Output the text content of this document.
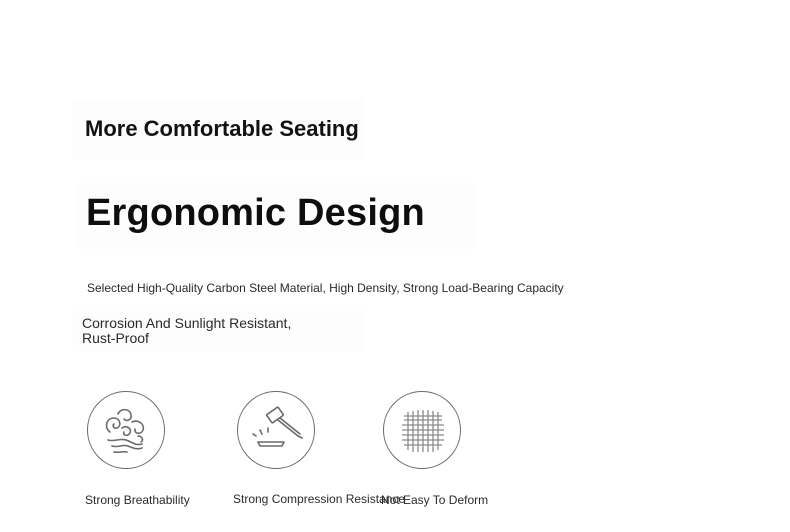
More Comfortable Seating
Ergonomic Design
Selected High-Quality Carbon Steel Material, High Density, Strong Load-Bearing Capacity
Corrosion And Sunlight Resistant,
Rust-Proof
Strong Breathability	Strong Compression Resistance
Not Easy To Deform
